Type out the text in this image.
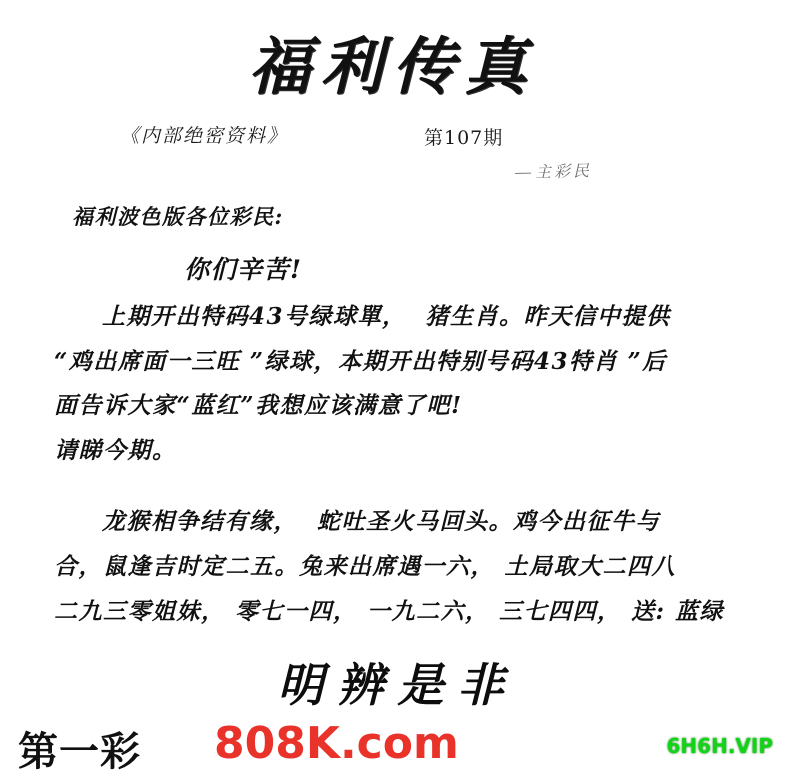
福利传真
《内部绝密资料》	第107期
主彩民
福利波色版各位彩民:
你们辛苦!
上期开出特码43号绿球單，  猪生肖。昨天信中提供
“鸡出席面一三旺 ”绿球，本期开出特别号码43特肖 ”后
面告诉大家“蓝红”我想应该满意了吧!
请睇今期。
龙猴相争结有缘，  蛇吐圣火马回头。鸡今出征牛与
合，鼠逢吉时定二五。兔来出席遇一六， 土局取大二四八
二九三零姐妹， 零七一四， 一九二六， 三七四四， 送: 蓝绿
明辨是非
第一彩 808K.com	6H6H.VIP
